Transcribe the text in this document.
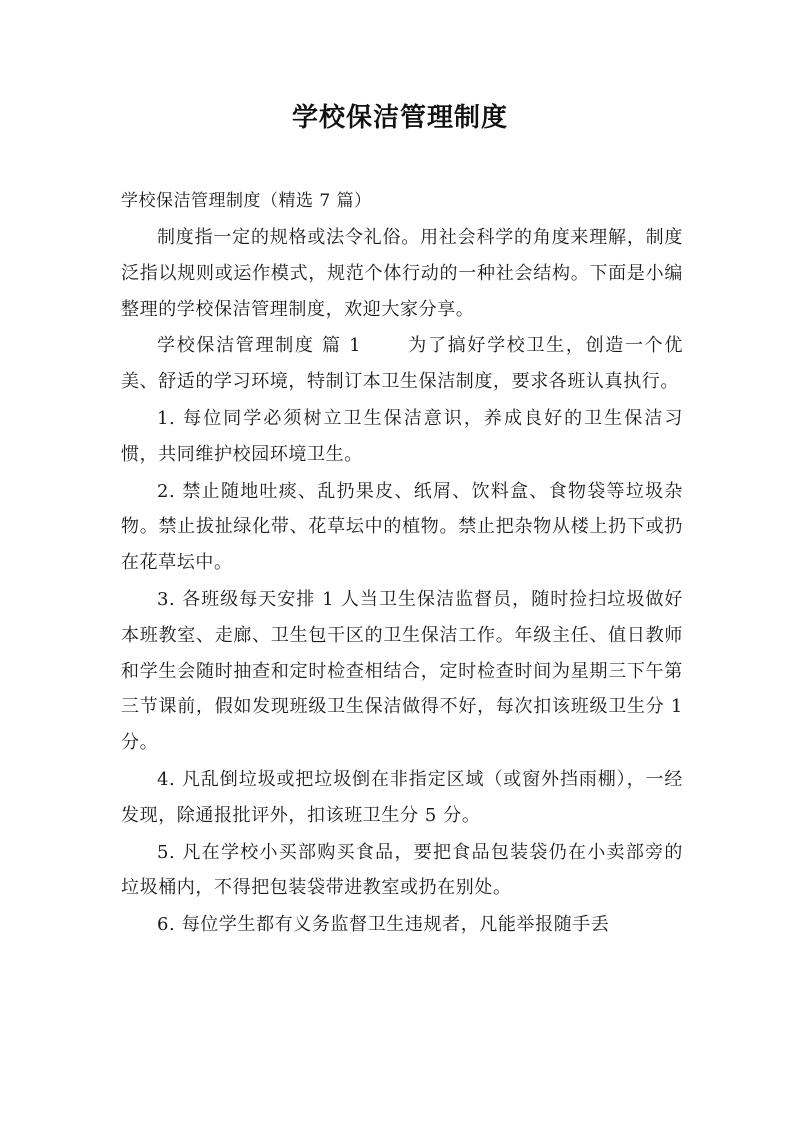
学校保洁管理制度
学校保洁管理制度（精选 7 篇）

制度指一定的规格或法令礼俗。用社会科学的角度来理解，制度泛指以规则或运作模式，规范个体行动的一种社会结构。下面是小编整理的学校保洁管理制度，欢迎大家分享。

学校保洁管理制度 篇 1	为了搞好学校卫生，创造一个优美、舒适的学习环境，特制订本卫生保洁制度，要求各班认真执行。

1. 每位同学必须树立卫生保洁意识，养成良好的卫生保洁习惯，共同维护校园环境卫生。

2. 禁止随地吐痰、乱扔果皮、纸屑、饮料盒、食物袋等垃圾杂物。禁止拔扯绿化带、花草坛中的植物。禁止把杂物从楼上扔下或扔在花草坛中。

3. 各班级每天安排 1 人当卫生保洁监督员，随时捡扫垃圾做好本班教室、走廊、卫生包干区的卫生保洁工作。年级主任、值日教师和学生会随时抽查和定时检查相结合，定时检查时间为星期三下午第三节课前，假如发现班级卫生保洁做得不好，每次扣该班级卫生分 1 分。

4. 凡乱倒垃圾或把垃圾倒在非指定区域（或窗外挡雨棚），一经发现，除通报批评外，扣该班卫生分 5 分。

5. 凡在学校小买部购买食品，要把食品包装袋仍在小卖部旁的垃圾桶内，不得把包装袋带进教室或扔在别处。

6. 每位学生都有义务监督卫生违规者，凡能举报随手丢
